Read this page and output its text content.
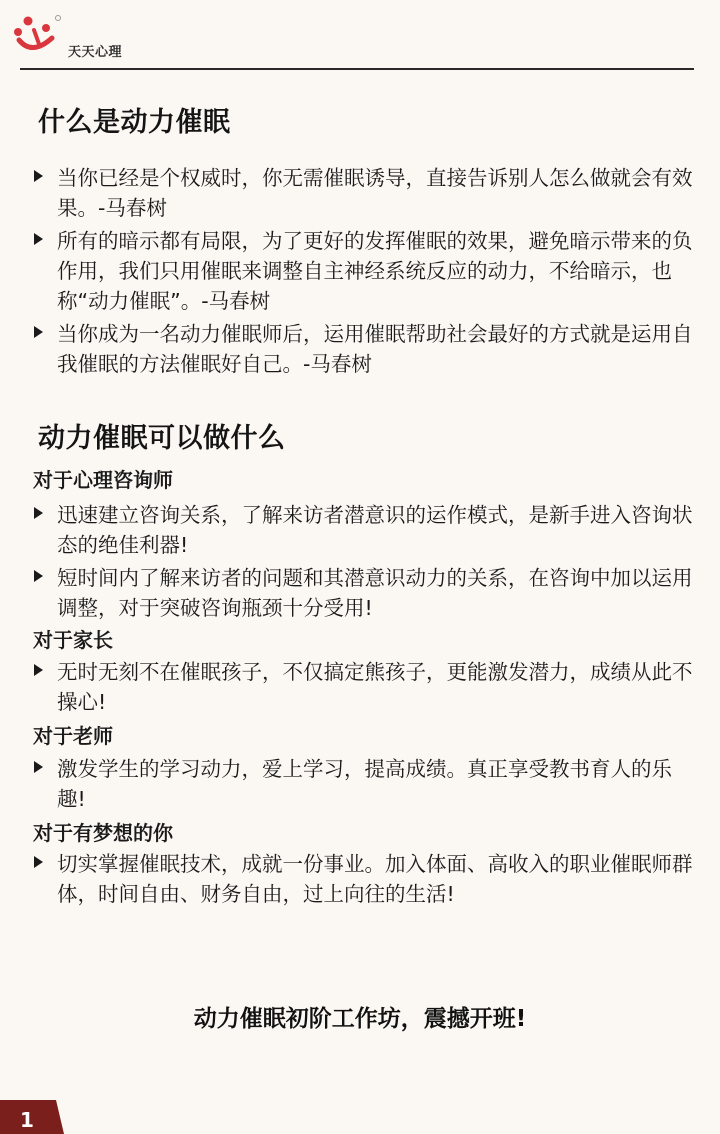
天天心理
什么是动力催眠
当你已经是个权威时，你无需催眠诱导，直接告诉别人怎么做就会有效果。-马春树
所有的暗示都有局限，为了更好的发挥催眠的效果，避免暗示带来的负作用，我们只用催眠来调整自主神经系统反应的动力，不给暗示，也称“动力催眠”。-马春树
当你成为一名动力催眠师后，运用催眠帮助社会最好的方式就是运用自我催眠的方法催眠好自己。-马春树
动力催眠可以做什么
对于心理咨询师
迅速建立咨询关系，了解来访者潜意识的运作模式，是新手进入咨询状态的绝佳利器!
短时间内了解来访者的问题和其潜意识动力的关系，在咨询中加以运用调整，对于突破咨询瓶颈十分受用!
对于家长
无时无刻不在催眠孩子，不仅搞定熊孩子，更能激发潜力，成绩从此不操心!
对于老师
激发学生的学习动力，爱上学习，提高成绩。真正享受教书育人的乐趣!
对于有梦想的你
切实掌握催眠技术，成就一份事业。加入体面、高收入的职业催眠师群体，时间自由、财务自由，过上向往的生活!
动力催眠初阶工作坊，震撼开班!
1
